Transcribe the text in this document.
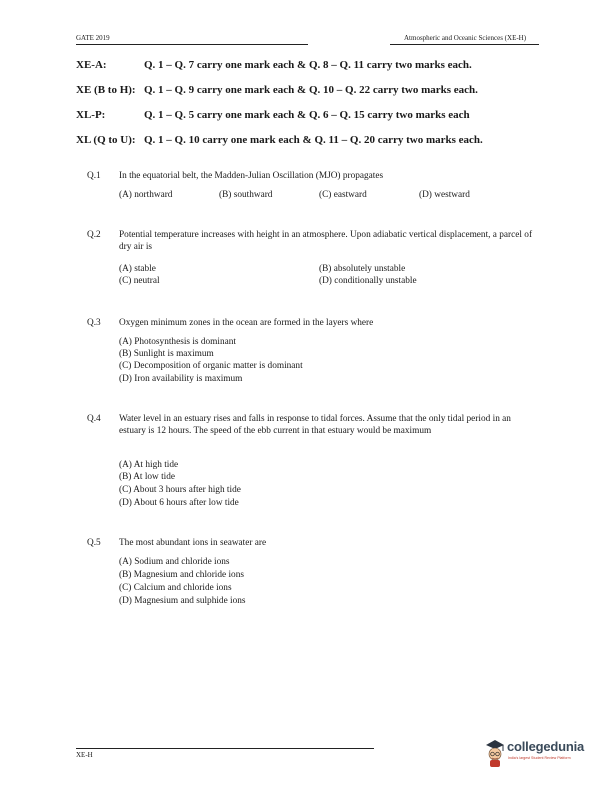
GATE 2019	Atmospheric and Oceanic Sciences (XE-H)
XE-A:	Q. 1 – Q. 7 carry one mark each & Q. 8 – Q. 11 carry two marks each.
XE (B to H): Q. 1 – Q. 9 carry one mark each & Q. 10 – Q. 22 carry two marks each.
XL-P:	Q. 1 – Q. 5 carry one mark each & Q. 6 – Q. 15 carry two marks each
XL (Q to U): Q. 1 – Q. 10 carry one mark each & Q. 11 – Q. 20 carry two marks each.
Q.1 In the equatorial belt, the Madden-Julian Oscillation (MJO) propagates
(A) northward	(B) southward	(C) eastward	(D) westward
Q.2 Potential temperature increases with height in an atmosphere. Upon adiabatic vertical displacement, a parcel of dry air is
(A) stable	(B) absolutely unstable
(C) neutral	(D) conditionally unstable
Q.3 Oxygen minimum zones in the ocean are formed in the layers where
(A) Photosynthesis is dominant
(B) Sunlight is maximum
(C) Decomposition of organic matter is dominant
(D) Iron availability is maximum
Q.4 Water level in an estuary rises and falls in response to tidal forces. Assume that the only tidal period in an estuary is 12 hours. The speed of the ebb current in that estuary would be maximum
(A) At high tide
(B) At low tide
(C) About 3 hours after high tide
(D) About 6 hours after low tide
Q.5 The most abundant ions in seawater are
(A) Sodium and chloride ions
(B) Magnesium and chloride ions
(C) Calcium and chloride ions
(D) Magnesium and sulphide ions
XE-H
collegedunia
India's largest Student Review Platform
